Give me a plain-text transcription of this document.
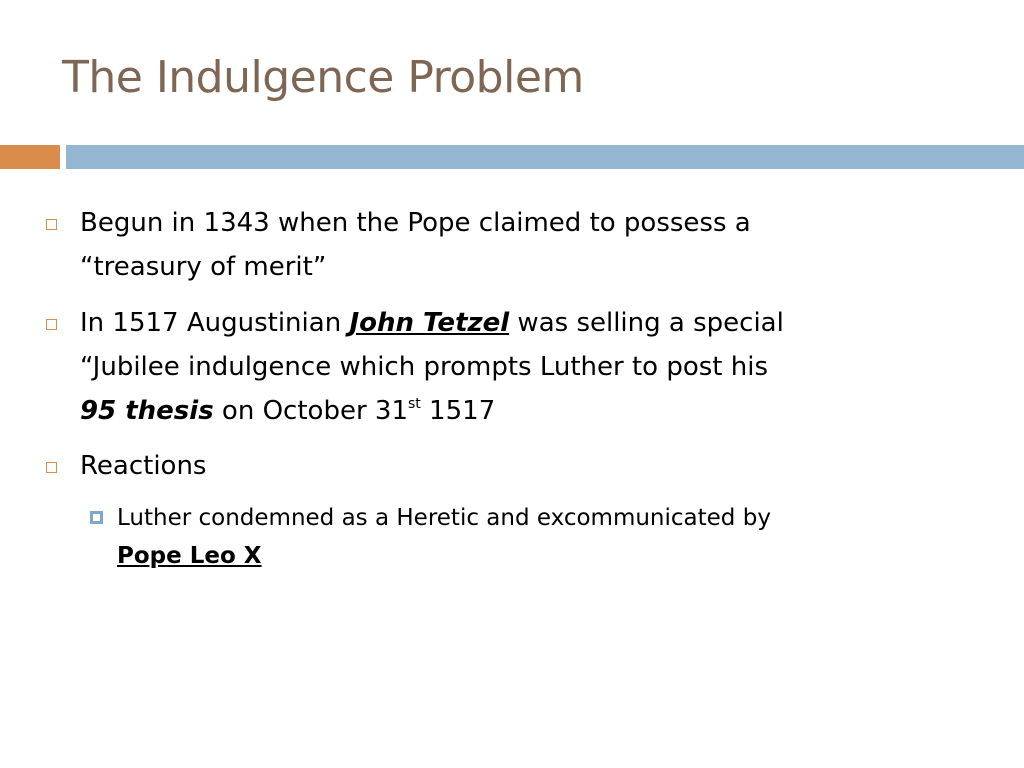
The Indulgence Problem
Begun in 1343 when the Pope claimed to possess a
“treasury of merit”
In 1517 Augustinian John Tetzel was selling a special
“Jubilee indulgence which prompts Luther to post his
95 thesis on October 31st 1517
Reactions
Luther condemned as a Heretic and excommunicated by
Pope Leo X
